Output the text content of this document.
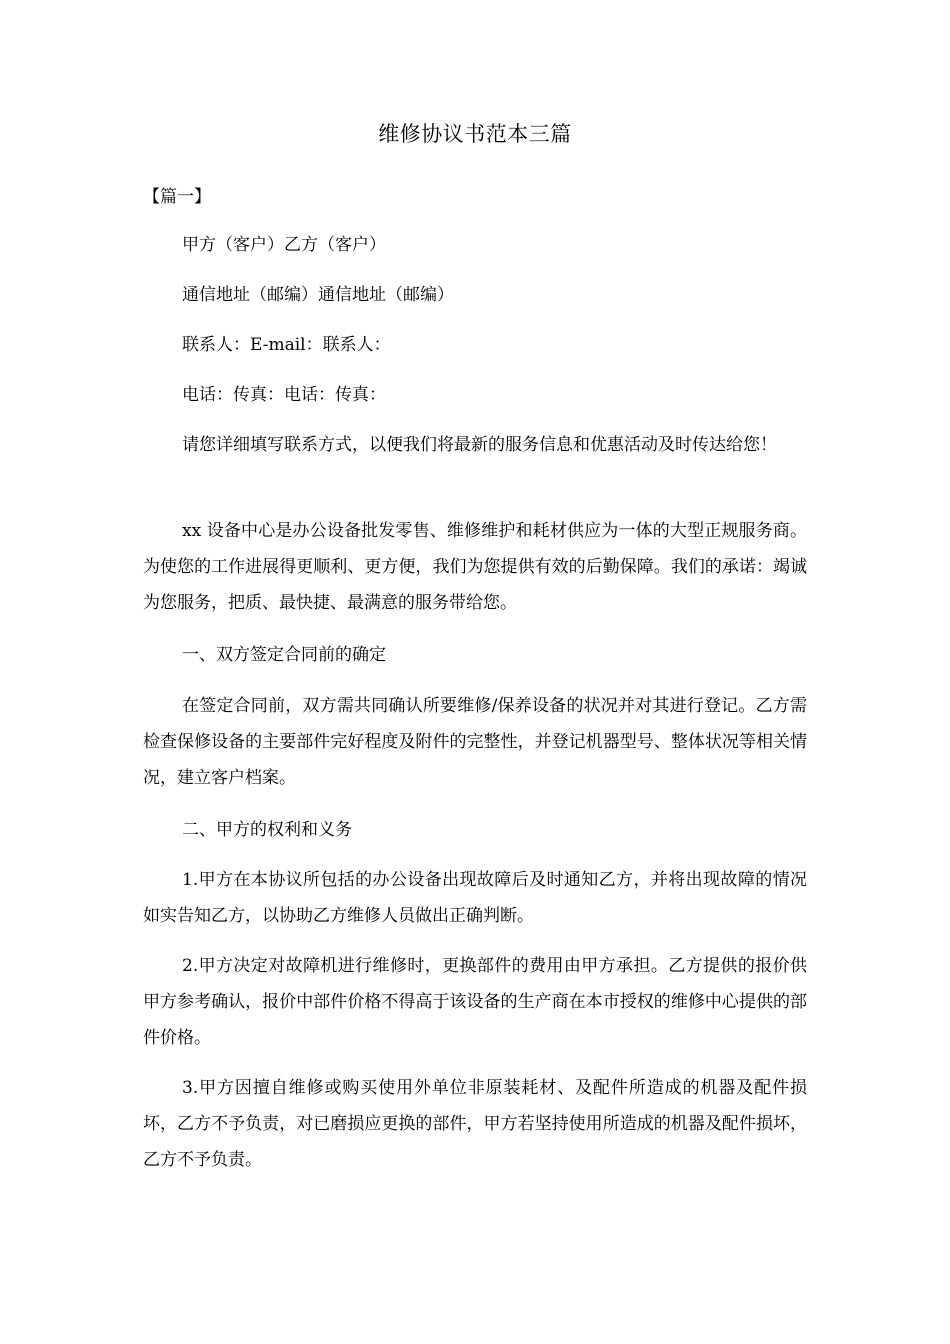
维修协议书范本三篇
【篇一】

甲方（客户）乙方（客户）

通信地址（邮编）通信地址（邮编）

联系人：E-mail：联系人：

电话：传真：电话：传真：

请您详细填写联系方式，以便我们将最新的服务信息和优惠活动及时传达给您！

xx 设备中心是办公设备批发零售、维修维护和耗材供应为一体的大型正规服务商。为使您的工作进展得更顺利、更方便，我们为您提供有效的后勤保障。我们的承诺：竭诚为您服务，把质、最快捷、最满意的服务带给您。

一、双方签定合同前的确定

在签定合同前，双方需共同确认所要维修/保养设备的状况并对其进行登记。乙方需检查保修设备的主要部件完好程度及附件的完整性，并登记机器型号、整体状况等相关情况，建立客户档案。

二、甲方的权利和义务

1.甲方在本协议所包括的办公设备出现故障后及时通知乙方，并将出现故障的情况如实告知乙方，以协助乙方维修人员做出正确判断。

2.甲方决定对故障机进行维修时，更换部件的费用由甲方承担。乙方提供的报价供甲方参考确认，报价中部件价格不得高于该设备的生产商在本市授权的维修中心提供的部件价格。

3.甲方因擅自维修或购买使用外单位非原装耗材、及配件所造成的机器及配件损坏，乙方不予负责，对已磨损应更换的部件，甲方若坚持使用所造成的机器及配件损坏，乙方不予负责。
